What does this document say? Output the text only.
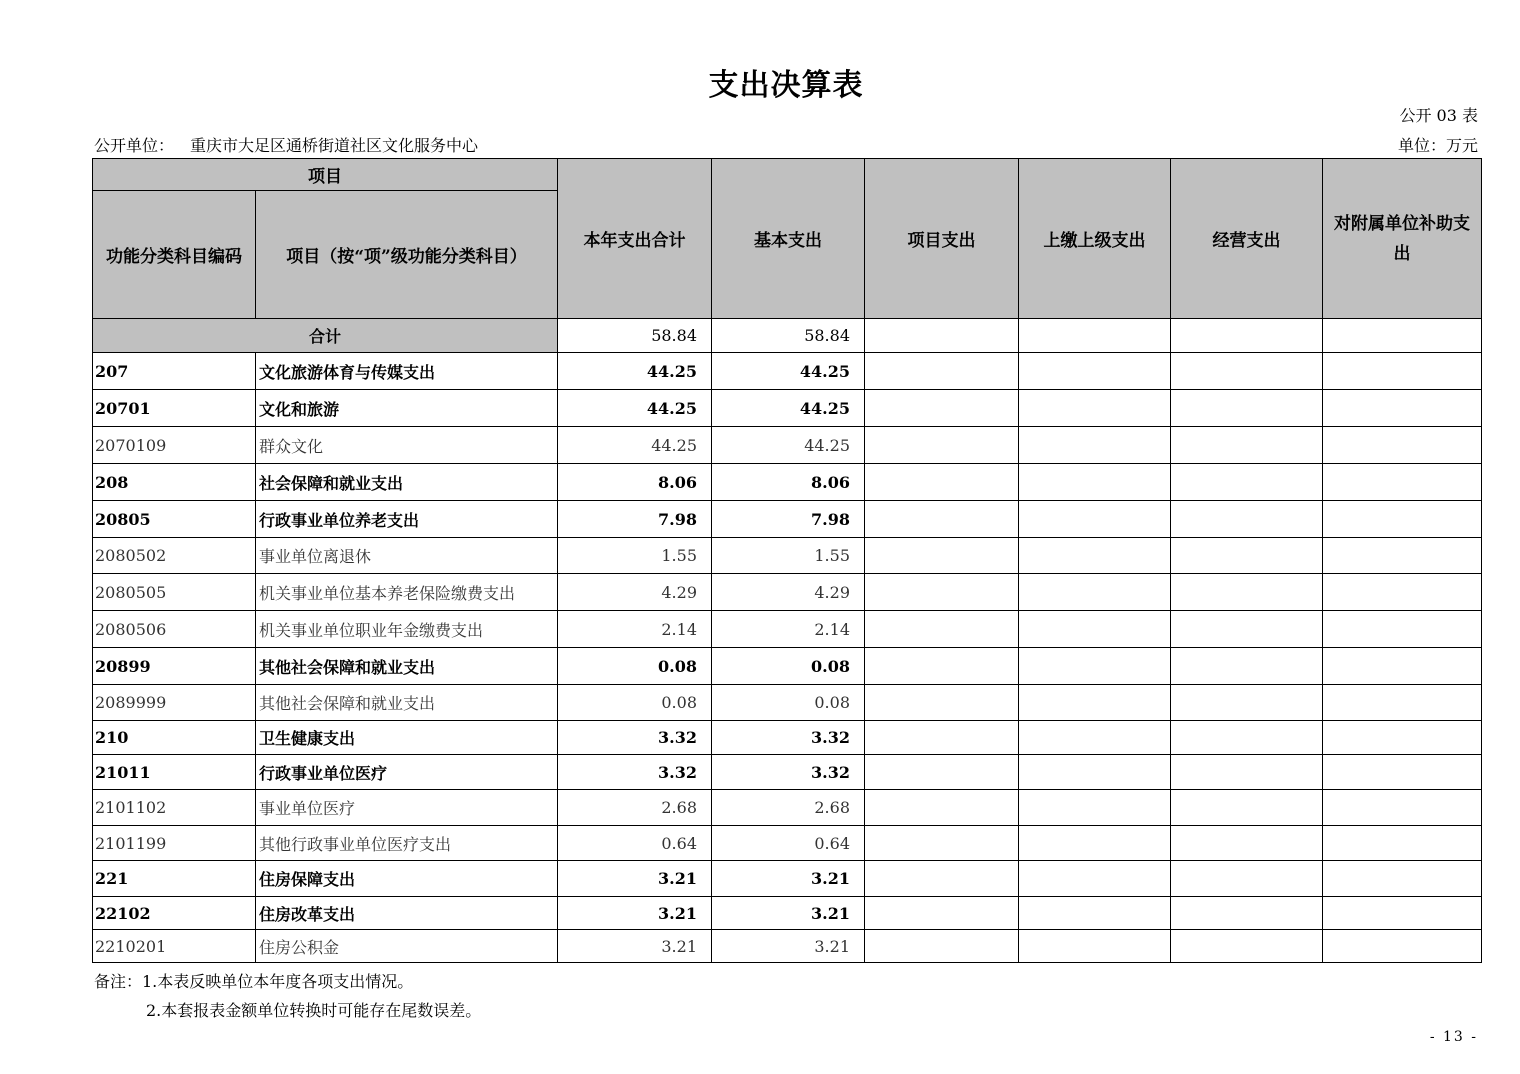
支出决算表
公开 03 表
公开单位： 重庆市大足区通桥街道社区文化服务中心	单位：万元
项目		本年支出合计	基本支出	项目支出	上缴上级支出	经营支出	对附属单位补助支出
功能分类科目编码	项目（按“项”级功能分类科目）						
合计		58.84	58.84				
207	文化旅游体育与传媒支出	44.25	44.25				
20701	文化和旅游	44.25	44.25				
2070109	群众文化	44.25	44.25				
208	社会保障和就业支出	8.06	8.06				
20805	行政事业单位养老支出	7.98	7.98				
2080502	事业单位离退休	1.55	1.55				
2080505	机关事业单位基本养老保险缴费支出	4.29	4.29				
2080506	机关事业单位职业年金缴费支出	2.14	2.14				
20899	其他社会保障和就业支出	0.08	0.08				
2089999	其他社会保障和就业支出	0.08	0.08				
210	卫生健康支出	3.32	3.32				
21011	行政事业单位医疗	3.32	3.32				
2101102	事业单位医疗	2.68	2.68				
2101199	其他行政事业单位医疗支出	0.64	0.64				
221	住房保障支出	3.21	3.21				
22102	住房改革支出	3.21	3.21				
2210201	住房公积金	3.21	3.21				
备注：1.本表反映单位本年度各项支出情况。
2.本套报表金额单位转换时可能存在尾数误差。
- 13 -
